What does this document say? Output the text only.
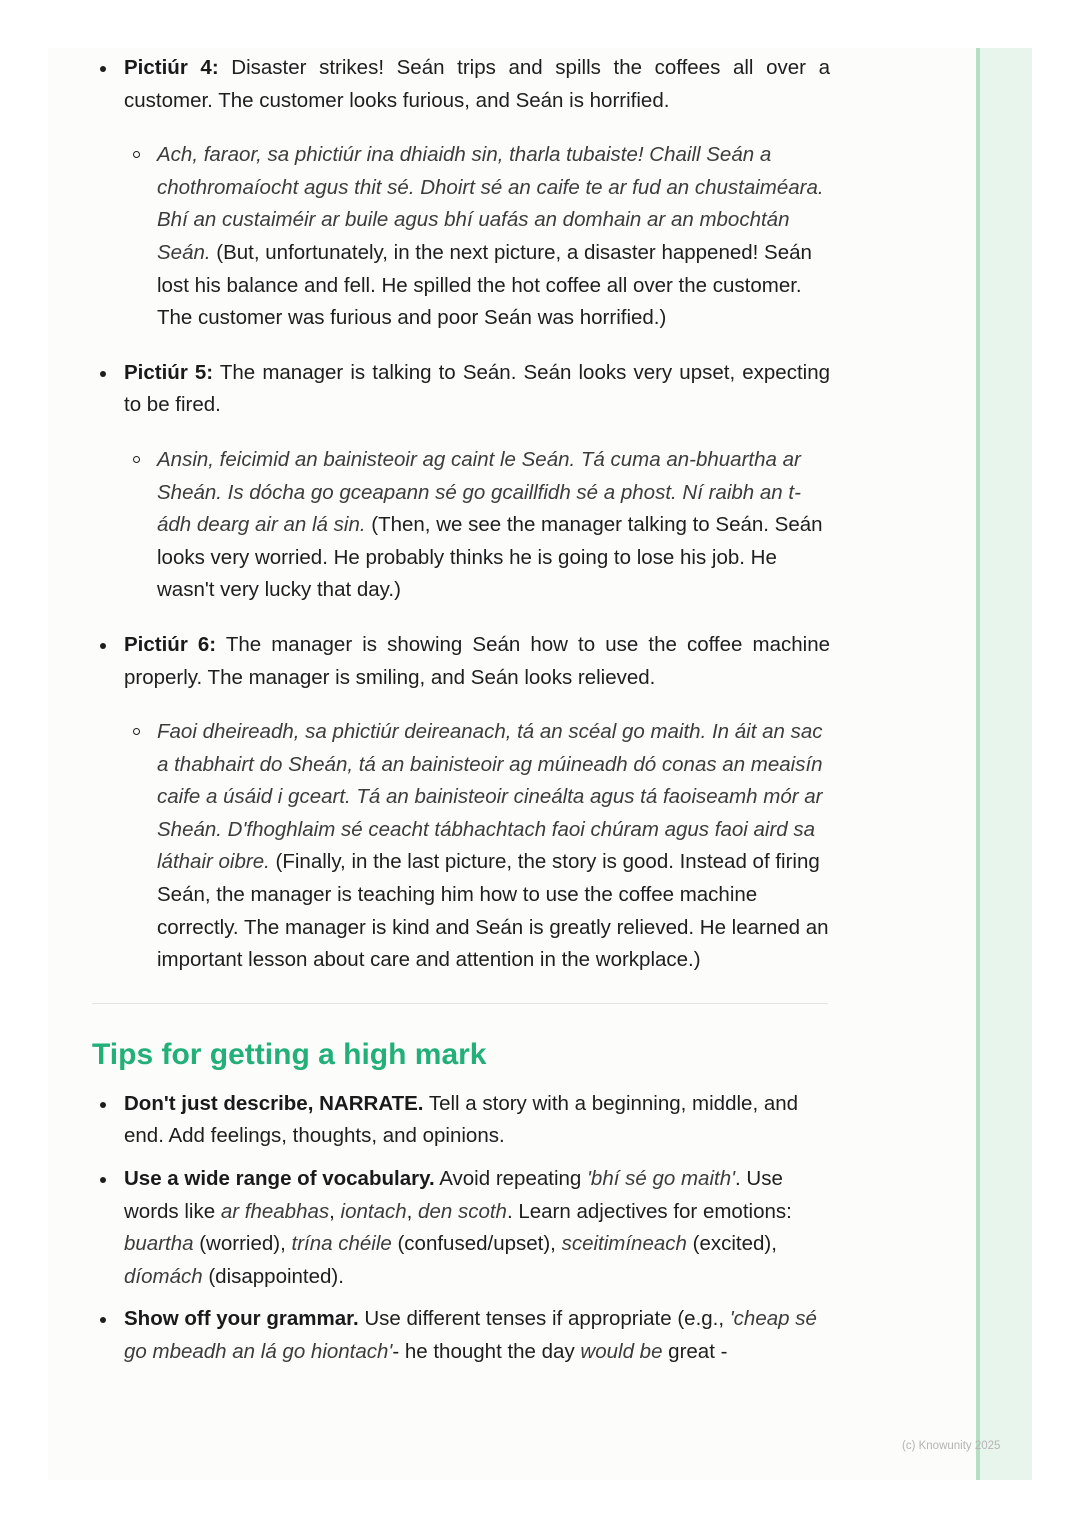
Pictiúr 4: Disaster strikes! Seán trips and spills the coffees all over a customer. The customer looks furious, and Seán is horrified.
Ach, faraor, sa phictiúr ina dhiaidh sin, tharla tubaiste! Chaill Seán a chothromaíocht agus thit sé. Dhoirt sé an caife te ar fud an chustaiméara. Bhí an custaiméir ar buile agus bhí uafás an domhain ar an mbochtán Seán. (But, unfortunately, in the next picture, a disaster happened! Seán lost his balance and fell. He spilled the hot coffee all over the customer. The customer was furious and poor Seán was horrified.)
Pictiúr 5: The manager is talking to Seán. Seán looks very upset, expecting to be fired.
Ansin, feicimid an bainisteoir ag caint le Seán. Tá cuma an-bhuartha ar Sheán. Is dócha go gceapann sé go gcaillfidh sé a phost. Ní raibh an t-ádh dearg air an lá sin. (Then, we see the manager talking to Seán. Seán looks very worried. He probably thinks he is going to lose his job. He wasn't very lucky that day.)
Pictiúr 6: The manager is showing Seán how to use the coffee machine properly. The manager is smiling, and Seán looks relieved.
Faoi dheireadh, sa phictiúr deireanach, tá an scéal go maith. In áit an sac a thabhairt do Sheán, tá an bainisteoir ag múineadh dó conas an meaisín caife a úsáid i gceart. Tá an bainisteoir cineálta agus tá faoiseamh mór ar Sheán. D'fhoghlaim sé ceacht tábhachtach faoi chúram agus faoi aird sa láthair oibre. (Finally, in the last picture, the story is good. Instead of firing Seán, the manager is teaching him how to use the coffee machine correctly. The manager is kind and Seán is greatly relieved. He learned an important lesson about care and attention in the workplace.)
Tips for getting a high mark
Don't just describe, NARRATE. Tell a story with a beginning, middle, and end. Add feelings, thoughts, and opinions.
Use a wide range of vocabulary. Avoid repeating 'bhí sé go maith'. Use words like ar fheabhas, iontach, den scoth. Learn adjectives for emotions: buartha (worried), trína chéile (confused/upset), sceitimíneach (excited), díomách (disappointed).
Show off your grammar. Use different tenses if appropriate (e.g., 'cheap sé go mbeadh an lá go hiontach'- he thought the day would be great -
(c) Knowunity 2025
